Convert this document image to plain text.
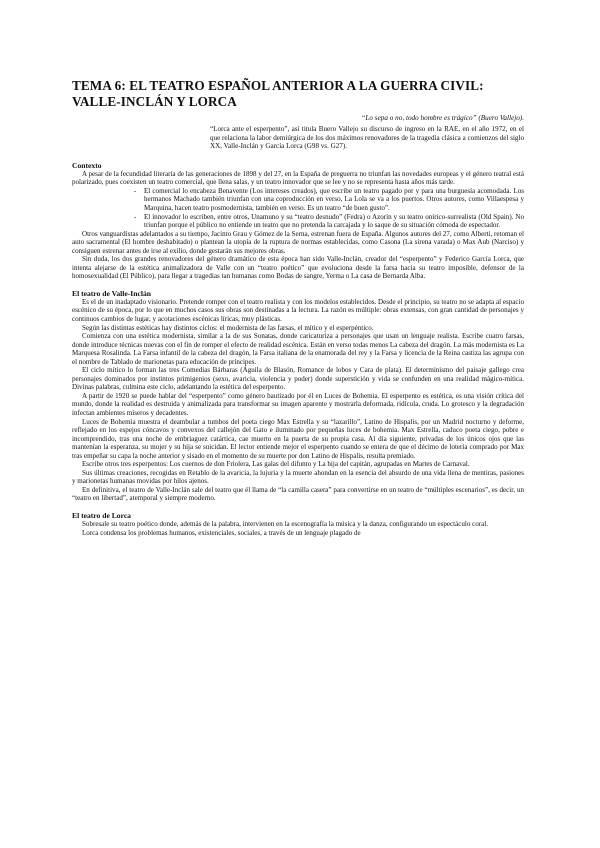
TEMA 6: EL TEATRO ESPAÑOL ANTERIOR A LA GUERRA CIVIL: VALLE-INCLÁN Y LORCA
“Lo sepa o no, todo hombre es trágico” (Buero Vallejo).
“Lorca ante el esperpento”, así titula Buero Vallejo su discurso de ingreso en la RAE, en el año 1972, en el que relaciona la labor demiúrgica de los dos máximos renovadores de la tragedia clásica a comienzos del siglo XX, Valle-Inclán y García Lorca (G98 vs. G27).
Contexto

A pesar de la fecundidad literaria de las generaciones de 1898 y del 27, en la España de preguerra no triunfan las novedades europeas y el género teatral está polarizado, pues coexisten un teatro comercial, que llena salas, y un teatro innovador que se lee y no se representa hasta años más tarde.

-	El comercial lo encabeza Benavente (Los intereses creados), que escribe un teatro pagado por y para una burguesía acomodada. Los hermanos Machado también triunfan con una coproducción en verso, La Lola se va a los puertos. Otros autores, como Villaespesa y Marquina, hacen teatro posmodernista, también en verso. Es un teatro “de buen gusto”.
-	El innovador lo escriben, entre otros, Unamuno y su “teatro desnudo” (Fedra) o Azorín y su teatro onírico-surrealista (Old Spain). No triunfan porque el público no entiende un teatro que no pretenda la carcajada y lo saque de su situación cómoda de espectador.

Otros vanguardistas adelantados a su tiempo, Jacinto Grau y Gómez de la Serna, estrenan fuera de España. Algunos autores del 27, como Alberti, retoman el auto sacramental (El hombre deshabitado) o plantean la utopía de la ruptura de normas establecidas, como Casona (La sirena varada) o Max Aub (Narciso) y consiguen estrenar antes de irse al exilio, donde gestarán sus mejores obras.

Sin duda, los dos grandes renovadores del género dramático de esta época han sido Valle-Inclán, creador del “esperpento” y Federico García Lorca, que intenta alejarse de la estética animalizadora de Valle con un “teatro poético” que evoluciona desde la farsa hacia su teatro imposible, defensor de la homosexualidad (El Público), para llegar a tragedias tan humanas como Bodas de sangre, Yerma o La casa de Bernarda Alba.

El teatro de Valle-Inclán

Es el de un inadaptado visionario. Pretende romper con el teatro realista y con los modelos establecidos. Desde el principio, su teatro no se adapta al espacio escénico de su época, por lo que en muchos casos sus obras son destinadas a la lectura. La razón es múltiple: obras extensas, con gran cantidad de personajes y continuos cambios de lugar, y acotaciones escénicas líricas, muy plásticas.

Según las distintas estéticas hay distintos ciclos: el modernista de las farsas, el mítico y el esperpéntico.

Comienza con una estética modernista, similar a la de sus Sonatas, donde caricaturiza a personajes que usan un lenguaje realista. Escribe cuatro farsas, donde introduce técnicas nuevas con el fin de romper el efecto de realidad escénica. Están en verso todas menos La cabeza del dragón. La más modernista es La Marquesa Rosalinda. La Farsa infantil de la cabeza del dragón, la Farsa italiana de la enamorada del rey y la Farsa y licencia de la Reina castiza las agrupa con el nombre de Tablado de marionetas para educación de príncipes.

El ciclo mítico lo forman las tres Comedias Bárbaras (Águila de Blasón, Romance de lobos y Cara de plata). El determinismo del paisaje gallego crea personajes dominados por instintos primigenios (sexo, avaricia, violencia y poder) donde superstición y vida se confunden en una realidad mágico-mítica. Divinas palabras, culmina este ciclo, adelantando la estética del esperpento.

A partir de 1920 se puede hablar del “esperpento” como género bautizado por él en Luces de Bohemia. El esperpento es estética, es una visión crítica del mundo, donde la realidad es destruida y animalizada para transformar su imagen aparente y mostrarla deformada, ridícula, cruda. Lo grotesco y la degradación infectan ambientes míseros y decadentes.

Luces de Bohemia muestra el deambular a tumbos del poeta ciego Max Estrella y su “lazarillo”, Latino de Hispalis, por un Madrid nocturno y deforme, reflejado en los espejos cóncavos y convexos del callejón del Gato e iluminado por pequeñas luces de bohemia. Max Estrella, caduco poeta ciego, pobre e incomprendido, tras una noche de embriaguez catártica, cae muerto en la puerta de su propia casa. Al día siguiente, privadas de los únicos ojos que las mantenían la esperanza, su mujer y su hija se suicidan. El lector entiende mejor el esperpento cuando se entera de que el décimo de lotería comprado por Max tras empeñar su capa la noche anterior y sisado en el momento de su muerte por don Latino de Hispalis, resulta premiado.

Escribe otros tres esperpentos: Los cuernos de don Friolera, Las galas del difunto y La hija del capitán, agrupadas en Martes de Carnaval.

Sus últimas creaciones, recogidas en Retablo de la avaricia, la lujuria y la muerte ahondan en la esencia del absurdo de una vida llena de mentiras, pasiones y marionetas humanas movidas por hilos ajenos.

En definitiva, el teatro de Valle-Inclán sale del teatro que él llama de “la camilla casera” para convertirse en un teatro de “múltiples escenarios”, es decir, un “teatro en libertad”, atemporal y siempre moderno.

El teatro de Lorca

Sobresale su teatro poético donde, además de la palabra, intervienen en la escenografía la música y la danza, configurando un espectáculo coral.

Lorca condensa los problemas humanos, existenciales, sociales, a través de un lenguaje plagado de
